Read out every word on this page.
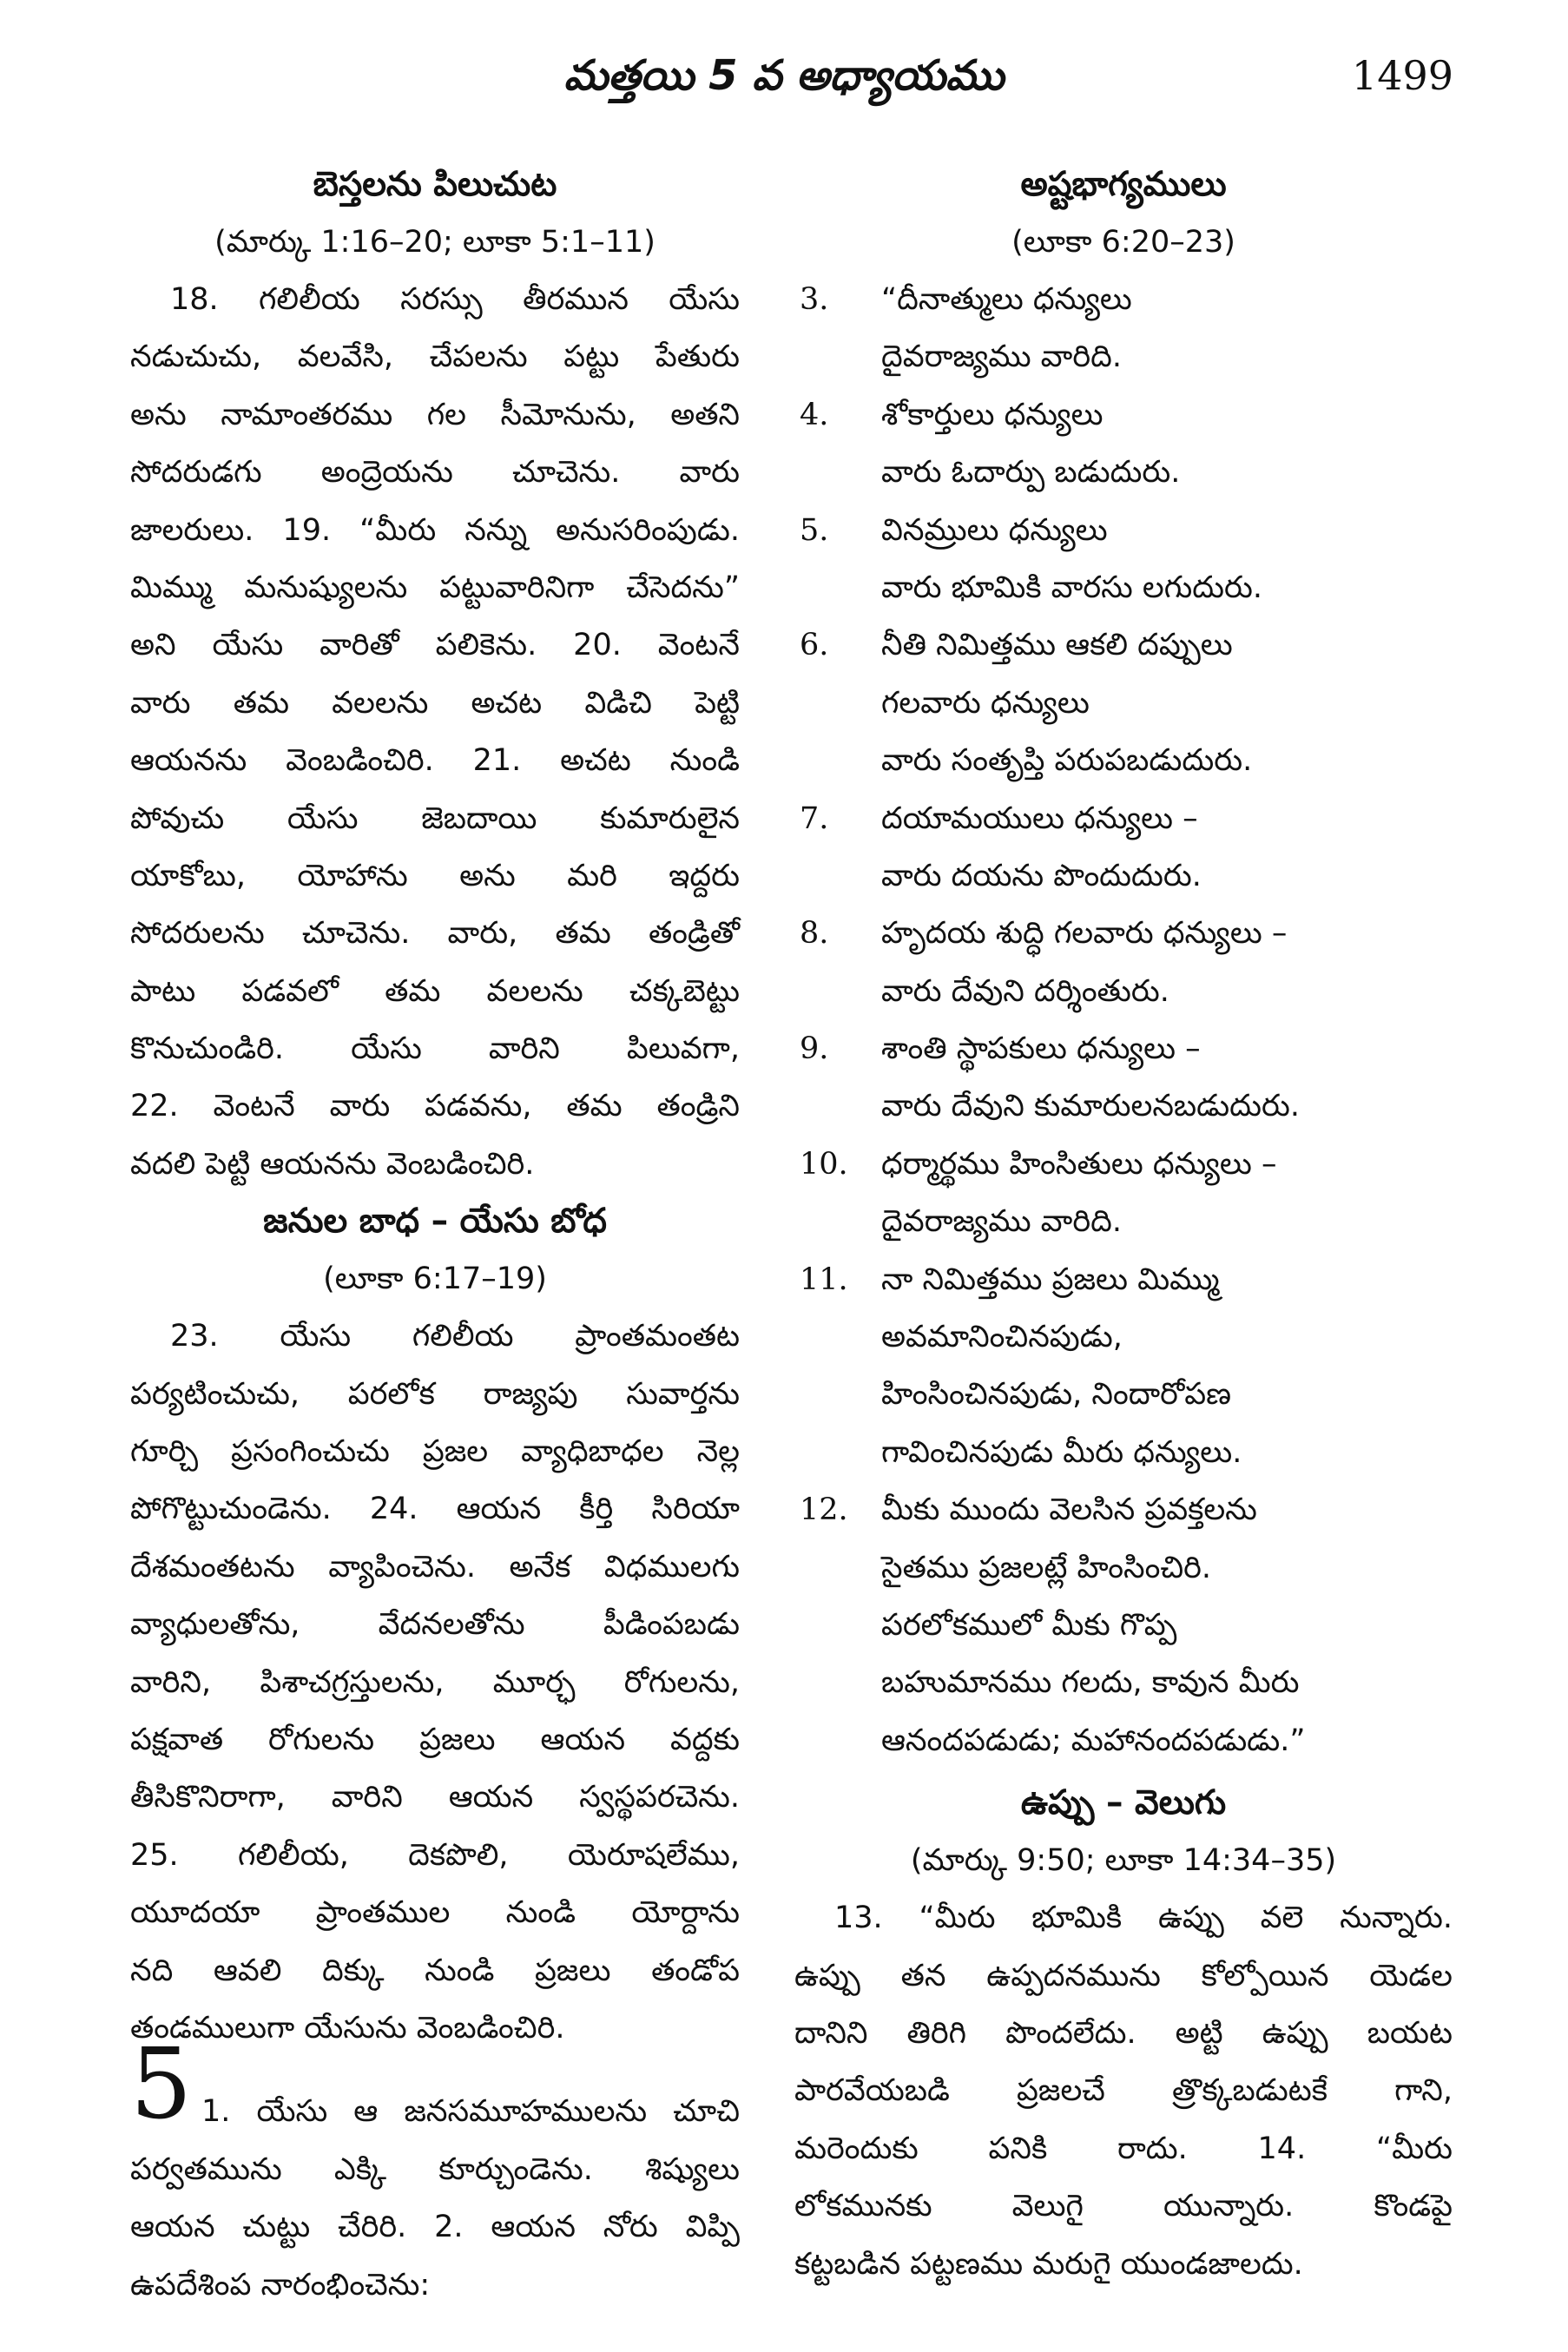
మత్తయి 5 వ అధ్యాయము	1499
బెస్తలను పిలుచుట
(మార్కు 1:16–20; లూకా 5:1–11)
18. గలిలీయ సరస్సు తీరమున యేసు
నడుచుచు, వలవేసి, చేపలను పట్టు పేతురు
అను నామాంతరము గల సీమోనును, అతని
సోదరుడగు అంద్రెయను చూచెను. వారు
జాలరులు. 19. “మీరు నన్ను అనుసరింపుడు.
మిమ్ము మనుష్యులను పట్టువారినిగా చేసెదను”
అని యేసు వారితో పలికెను. 20. వెంటనే
వారు తమ వలలను అచట విడిచి పెట్టి
ఆయనను వెంబడించిరి. 21. అచట నుండి
పోవుచు యేసు జెబదాయి కుమారులైన
యాకోబు, యోహాను అను మరి ఇద్దరు
సోదరులను చూచెను. వారు, తమ తండ్రితో
పాటు పడవలో తమ వలలను చక్కబెట్టు
కొనుచుండిరి. యేసు వారిని పిలువగా,
22. వెంటనే వారు పడవను, తమ తండ్రిని
వదలి పెట్టి ఆయనను వెంబడించిరి.
జనుల బాధ – యేసు బోధ
(లూకా 6:17–19)
23. యేసు గలిలీయ ప్రాంతమంతట
పర్యటించుచు, పరలోక రాజ్యపు సువార్తను
గూర్చి ప్రసంగించుచు ప్రజల వ్యాధిబాధల నెల్ల
పోగొట్టుచుండెను. 24. ఆయన కీర్తి సిరియా
దేశమంతటను వ్యాపించెను. అనేక విధములగు
వ్యాధులతోను, వేదనలతోను పీడింపబడు
వారిని, పిశాచగ్రస్తులను, మూర్ఛ రోగులను,
పక్షవాత రోగులను ప్రజలు ఆయన వద్దకు
తీసికొనిరాగా, వారిని ఆయన స్వస్థపరచెను.
25. గలిలీయ, దెకపొలి, యెరూషలేము,
యూదయా ప్రాంతముల నుండి యోర్దాను
నది ఆవలి దిక్కు నుండి ప్రజలు తండోప
తండములుగా యేసును వెంబడించిరి.
5 1. యేసు ఆ జనసమూహములను చూచి
పర్వతమును ఎక్కి కూర్చుండెను. శిష్యులు
ఆయన చుట్టు చేరిరి. 2. ఆయన నోరు విప్పి
ఉపదేశింప నారంభించెను:
అష్టభాగ్యములు
(లూకా 6:20–23)
3.	“దీనాత్ములు ధన్యులు
దైవరాజ్యము వారిది.
4.	శోకార్తులు ధన్యులు
వారు ఓదార్పు బడుదురు.
5.	వినమ్రులు ధన్యులు
వారు భూమికి వారసు లగుదురు.
6.	నీతి నిమిత్తము ఆకలి దప్పులు
గలవారు ధన్యులు
వారు సంతృప్తి పరుపబడుదురు.
7.	దయామయులు ధన్యులు –
వారు దయను పొందుదురు.
8.	హృదయ శుద్ధి గలవారు ధన్యులు –
వారు దేవుని దర్శింతురు.
9.	శాంతి స్థాపకులు ధన్యులు –
వారు దేవుని కుమారులనబడుదురు.
10.	ధర్మార్థము హింసితులు ధన్యులు –
దైవరాజ్యము వారిది.
11.	నా నిమిత్తము ప్రజలు మిమ్ము
అవమానించినపుడు,
హింసించినపుడు, నిందారోపణ
గావించినపుడు మీరు ధన్యులు.
12.	మీకు ముందు వెలసిన ప్రవక్తలను
సైతము ప్రజలట్లే హింసించిరి.
పరలోకములో మీకు గొప్ప
బహుమానము గలదు, కావున మీరు
ఆనందపడుడు; మహానందపడుడు.”
ఉప్పు – వెలుగు
(మార్కు 9:50; లూకా 14:34–35)
13. “మీరు భూమికి ఉప్పు వలె నున్నారు.
ఉప్పు తన ఉప్పదనమును కోల్పోయిన యెడల
దానిని తిరిగి పొందలేదు. అట్టి ఉప్పు బయట
పారవేయబడి ప్రజలచే త్రొక్కబడుటకే గాని,
మరెందుకు పనికి రాదు. 14. “మీరు
లోకమునకు వెలుగై యున్నారు. కొండపై
కట్టబడిన పట్టణము మరుగై యుండజాలదు.
